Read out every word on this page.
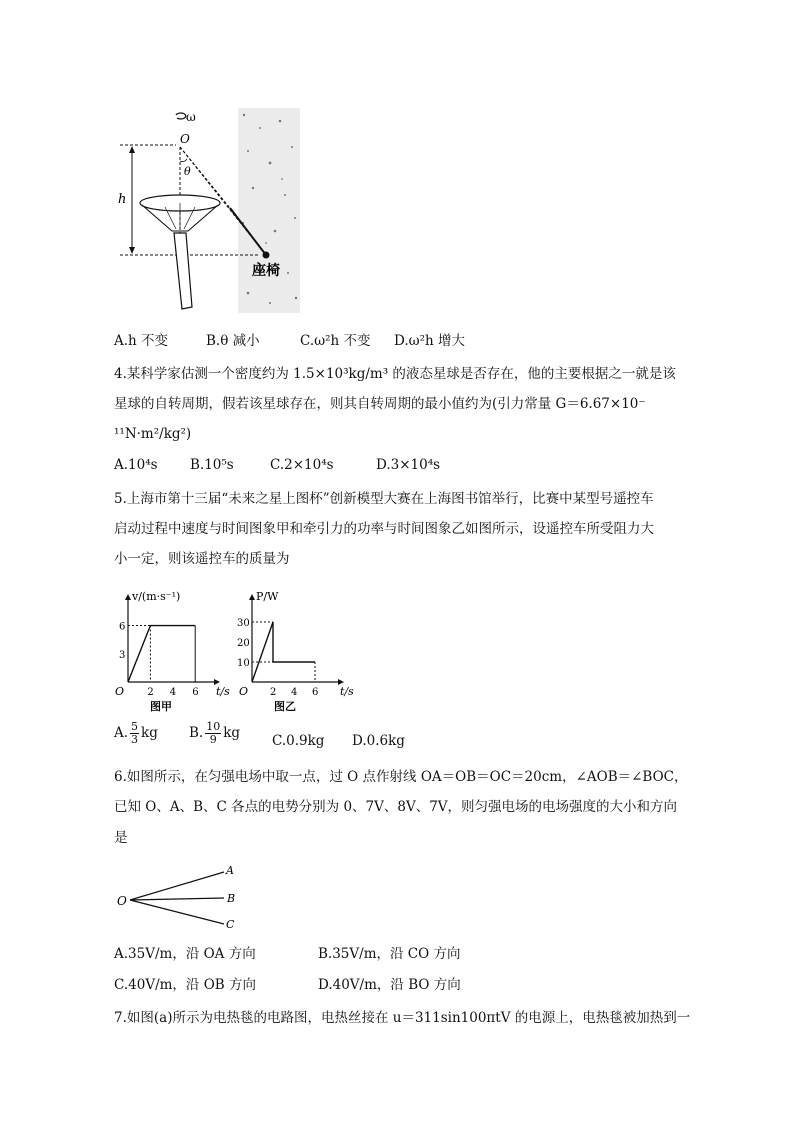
ω
O
h
θ
座椅
A.h 不变	B.θ 减小	C.ω²h 不变 D.ω²h 增大
4.某科学家估测一个密度约为 1.5×10³kg/m³ 的液态星球是否存在，他的主要根据之一就是该
星球的自转周期，假若该星球存在，则其自转周期的最小值约为(引力常量 G＝6.67×10⁻
¹¹N·m²/kg²)
A.10⁴s B.10⁵s	C.2×10⁴s	D.3×10⁴s
5.上海市第十三届“未来之星上图杯”创新模型大赛在上海图书馆举行，比赛中某型号遥控车
启动过程中速度与时间图象甲和牵引力的功率与时间图象乙如图所示，设遥控车所受阻力大
小一定，则该遥控车的质量为
v/(m·s⁻¹)
t/s
O 2 4 6
3
6
图甲
P/W
t/s
O 2 4 6
10
20
30
图乙
A. $\frac{5}{3}$ kg B. $\frac{10}{9}$ kg C.0.9kg D.0.6kg
6.如图所示，在匀强电场中取一点，过 O 点作射线 OA＝OB＝OC＝20cm，∠AOB＝∠BOC，
已知 O、A、B、C 各点的电势分别为 0、7V、8V、7V，则匀强电场的电场强度的大小和方向
是
O
A
B
C
A.35V/m，沿 OA 方向	B.35V/m，沿 CO 方向
C.40V/m，沿 OB 方向	D.40V/m，沿 BO 方向
7.如图(a)所示为电热毯的电路图，电热丝接在 u＝311sin100πtV 的电源上，电热毯被加热到一
